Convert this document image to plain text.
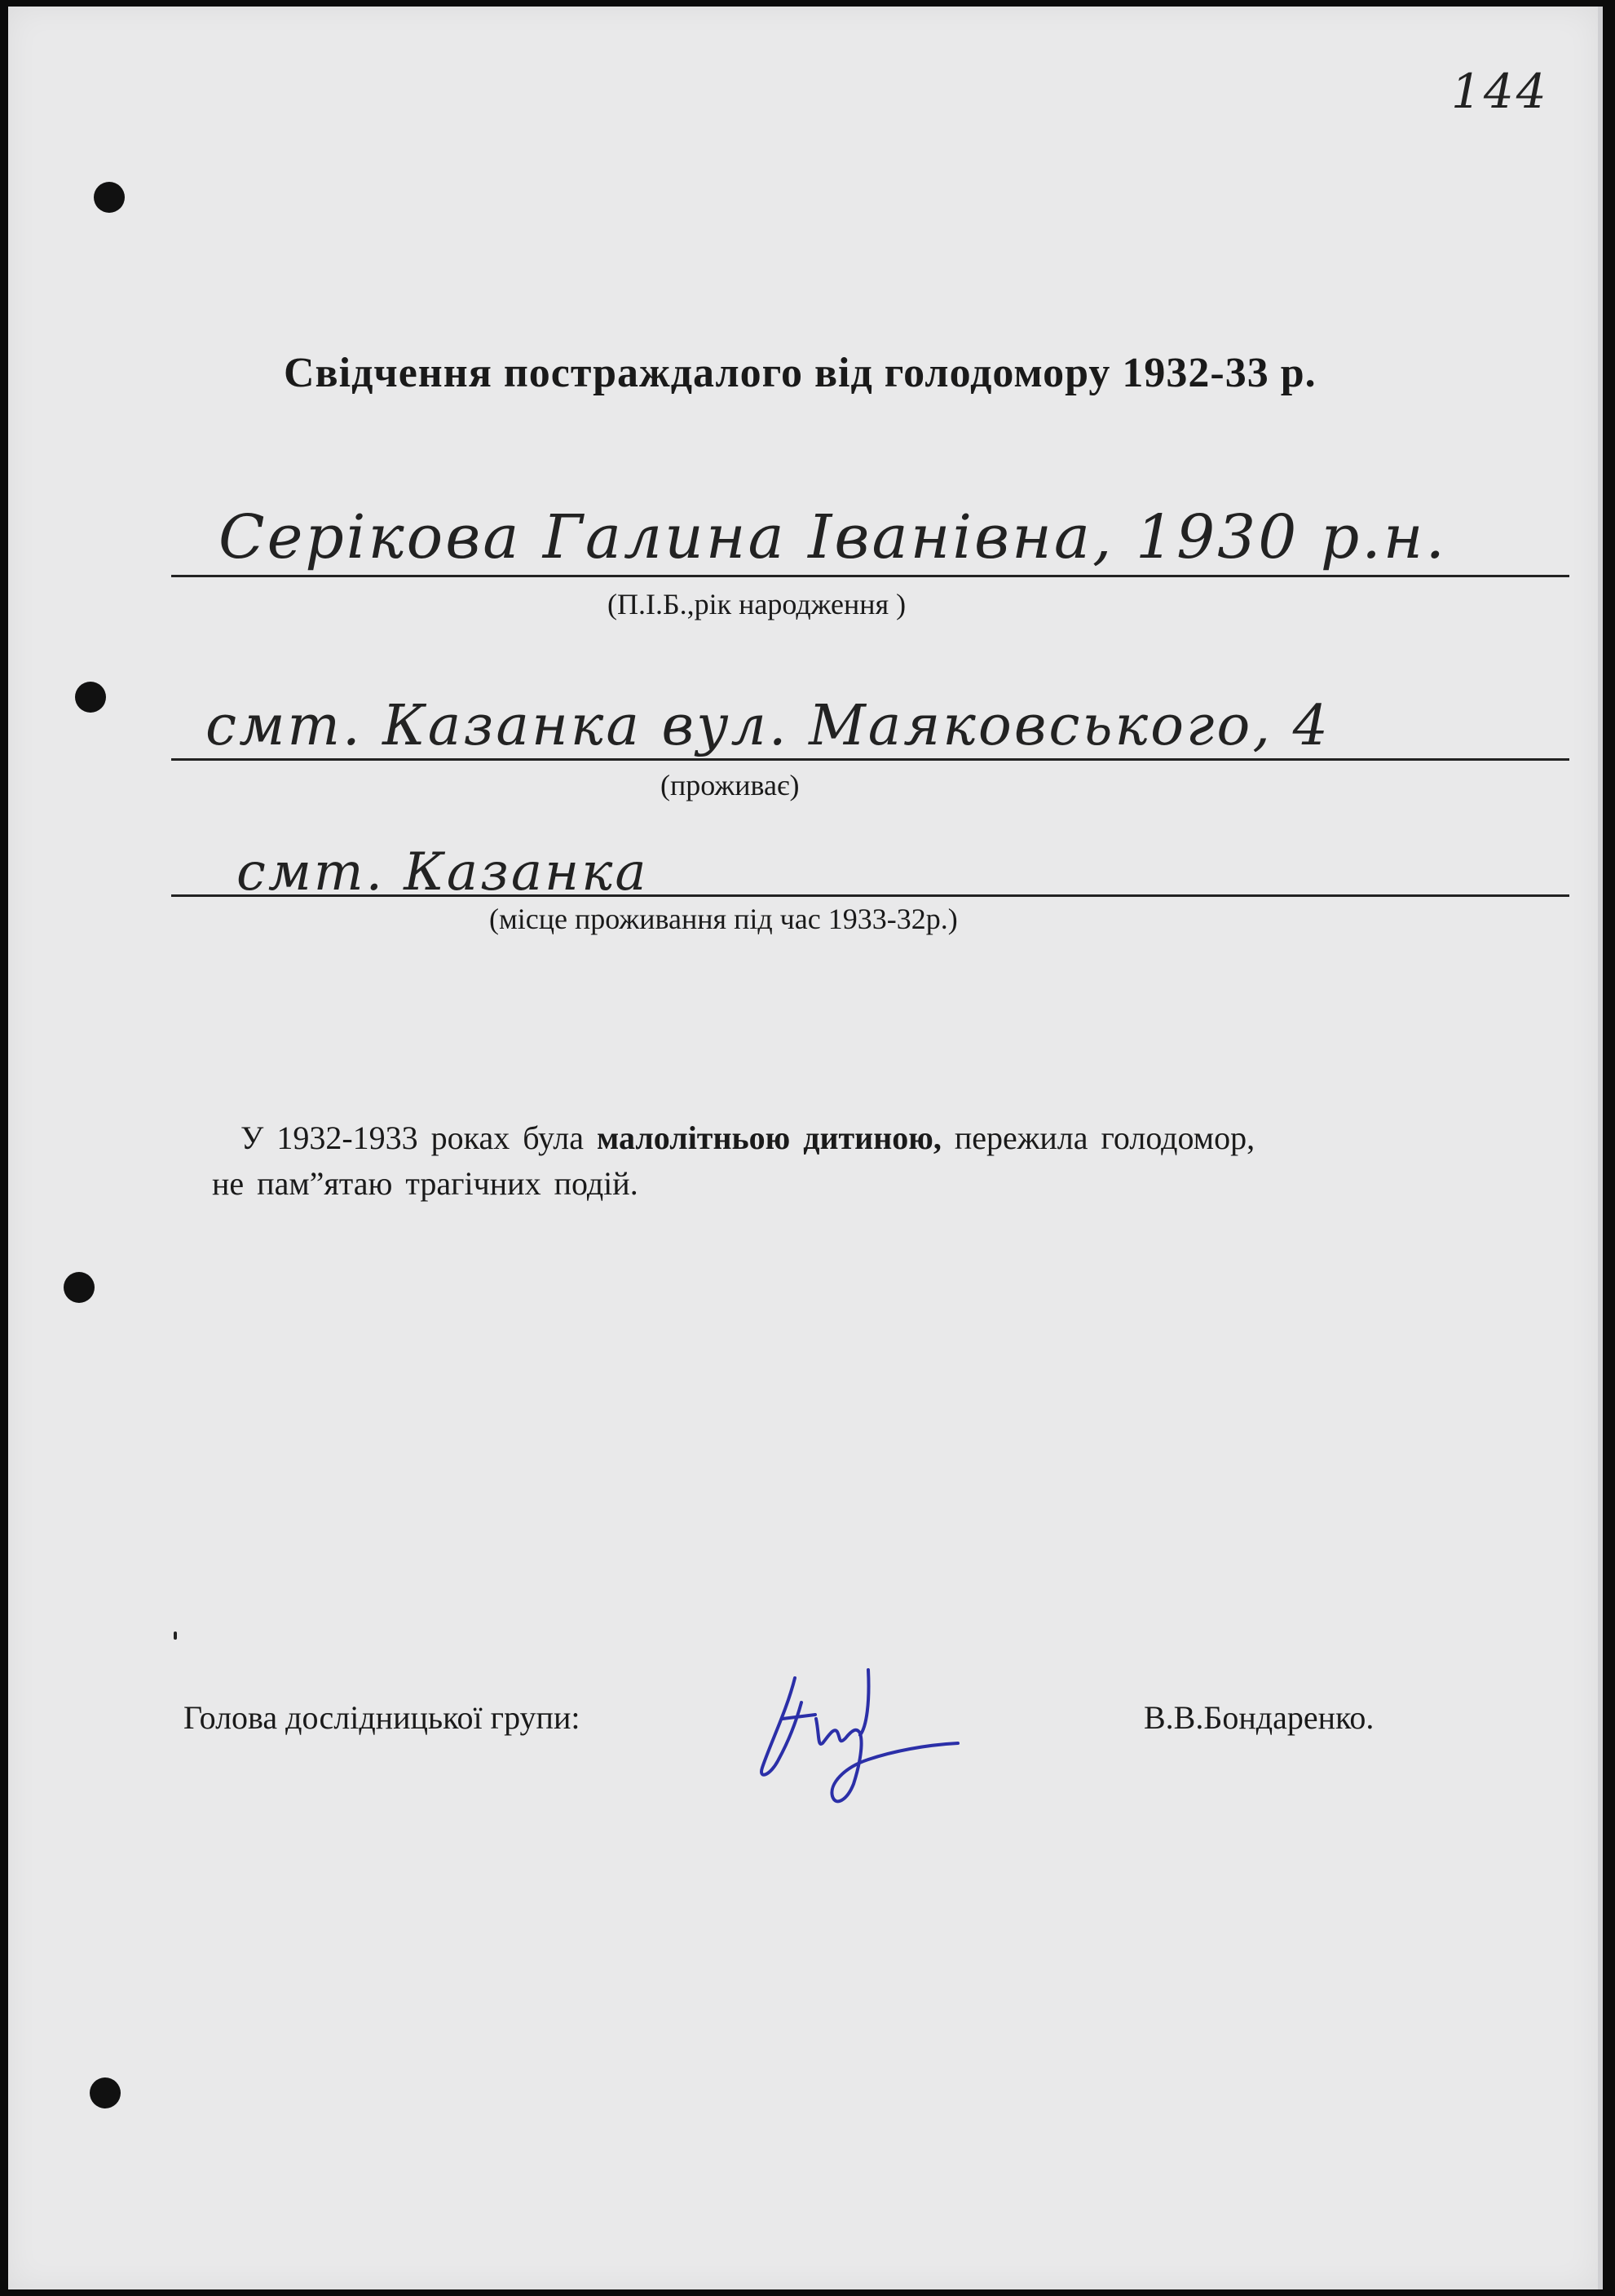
144
Свідчення постраждалого від голодомору 1932-33 р.
Серікова Галина Іванівна, 1930 р.н.
(П.І.Б.,рік народження )
смт. Казанка вул. Маяковського, 4
(проживає)
смт. Казанка
(місце проживання під час 1933-32р.)
У 1932-1933 роках була малолітньою дитиною, пережила голодомор,
не пам”ятаю трагічних подій.
Голова дослідницької групи:	В.В.Бондаренко.
